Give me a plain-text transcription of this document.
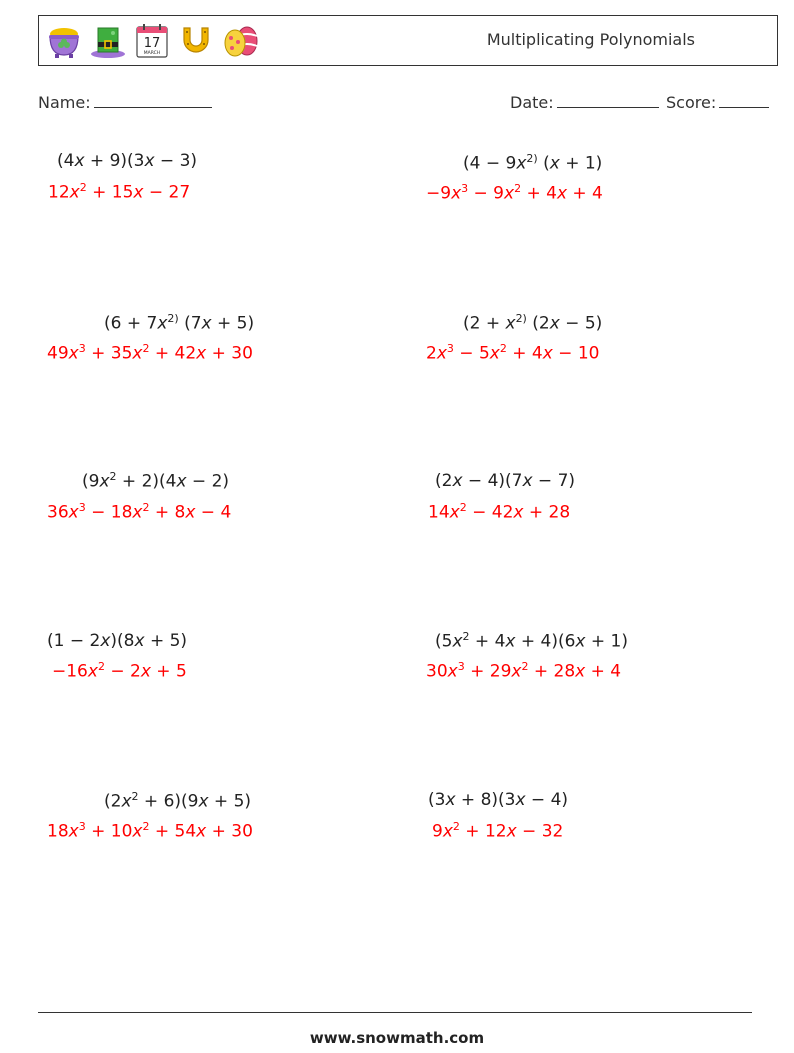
17
MARCH
Multiplicating Polynomials
Name:	Date:	Score:
(4x + 9)(3x − 3)
$12x^2 + 15x - 27$
($4 - 9x^{2)}$ (x + 1)
$-9x^3 - 9x^2 + 4x + 4$
($6 + 7x^{2)}$ (7x + 5)
$49x^3 + 35x^2 + 42x + 30$
($2 + x^{2)}$ (2x − 5)
$2x^3 - 5x^2 + 4x - 10$
$(9x^2 + 2)(4x - 2)$
$36x^3 - 18x^2 + 8x - 4$
(2x − 4)(7x − 7)
$14x^2 - 42x + 28$
(1 − 2x)(8x + 5)
$-16x^2 - 2x + 5$
$(5x^2 + 4x + 4)(6x + 1)$
$30x^3 + 29x^2 + 28x + 4$
$(2x^2 + 6)(9x + 5)$
$18x^3 + 10x^2 + 54x + 30$
(3x + 8)(3x − 4)
$9x^2 + 12x - 32$
www.snowmath.com
